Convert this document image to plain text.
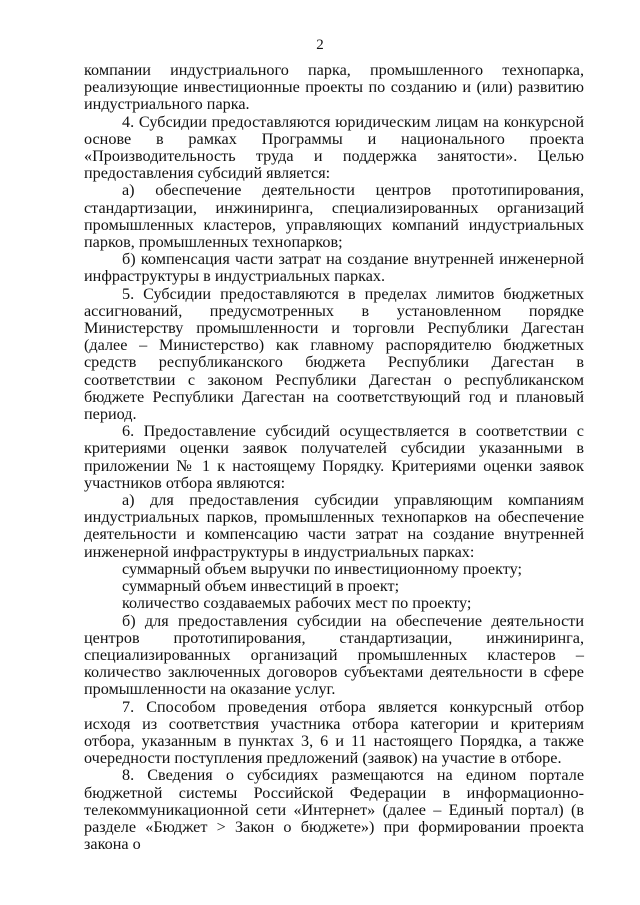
2

компании индустриального парка, промышленного технопарка, реализующие инвестиционные проекты по созданию и (или) развитию индустриального парка.

4. Субсидии предоставляются юридическим лицам на конкурсной основе в рамках Программы и национального проекта «Производительность труда и поддержка занятости». Целью предоставления субсидий является:

а) обеспечение деятельности центров прототипирования, стандартизации, инжиниринга, специализированных организаций промышленных кластеров, управляющих компаний индустриальных парков, промышленных технопарков;

б) компенсация части затрат на создание внутренней инженерной инфраструктуры в индустриальных парках.

5. Субсидии предоставляются в пределах лимитов бюджетных ассигнований, предусмотренных в установленном порядке Министерству промышленности и торговли Республики Дагестан (далее – Министерство) как главному распорядителю бюджетных средств республиканского бюджета Республики Дагестан в соответствии с законом Республики Дагестан о республиканском бюджете Республики Дагестан на соответствующий год и плановый период.

6. Предоставление субсидий осуществляется в соответствии с критериями оценки заявок получателей субсидии указанными в приложении № 1 к настоящему Порядку. Критериями оценки заявок участников отбора являются:

а) для предоставления субсидии управляющим компаниям индустриальных парков, промышленных технопарков на обеспечение деятельности и компенсацию части затрат на создание внутренней инженерной инфраструктуры в индустриальных парках:

суммарный объем выручки по инвестиционному проекту;

суммарный объем инвестиций в проект;

количество создаваемых рабочих мест по проекту;

б) для предоставления субсидии на обеспечение деятельности центров прототипирования, стандартизации, инжиниринга, специализированных организаций промышленных кластеров – количество заключенных договоров субъектами деятельности в сфере промышленности на оказание услуг.

7. Способом проведения отбора является конкурсный отбор исходя из соответствия участника отбора категории и критериям отбора, указанным в пунктах 3, 6 и 11 настоящего Порядка, а также очередности поступления предложений (заявок) на участие в отборе.

8. Сведения о субсидиях размещаются на едином портале бюджетной системы Российской Федерации в информационно-телекоммуникационной сети «Интернет» (далее – Единый портал) (в разделе «Бюджет > Закон о бюджете») при формировании проекта закона о
